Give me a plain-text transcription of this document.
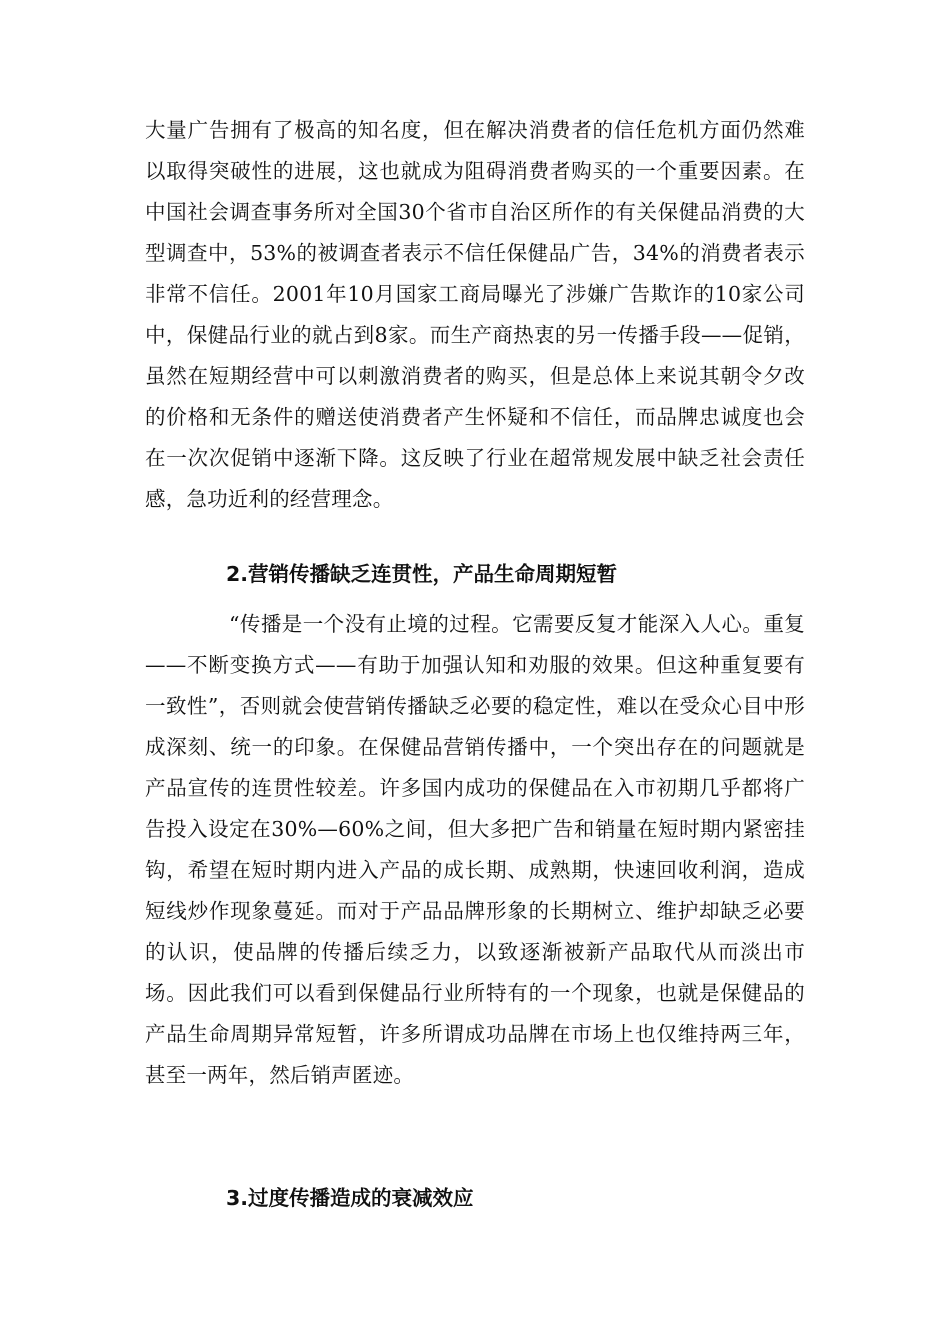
大量广告拥有了极高的知名度，但在解决消费者的信任危机方面仍然难以取得突破性的进展，这也就成为阻碍消费者购买的一个重要因素。在中国社会调查事务所对全国30个省市自治区所作的有关保健品消费的大型调查中，53%的被调查者表示不信任保健品广告，34%的消费者表示非常不信任。2001年10月国家工商局曝光了涉嫌广告欺诈的10家公司中，保健品行业的就占到8家。而生产商热衷的另一传播手段——促销，虽然在短期经营中可以刺激消费者的购买，但是总体上来说其朝令夕改的价格和无条件的赠送使消费者产生怀疑和不信任，而品牌忠诚度也会在一次次促销中逐渐下降。这反映了行业在超常规发展中缺乏社会责任感，急功近利的经营理念。
2.营销传播缺乏连贯性，产品生命周期短暂
“传播是一个没有止境的过程。它需要反复才能深入人心。重复——不断变换方式——有助于加强认知和劝服的效果。但这种重复要有一致性”，否则就会使营销传播缺乏必要的稳定性，难以在受众心目中形成深刻、统一的印象。在保健品营销传播中，一个突出存在的问题就是产品宣传的连贯性较差。许多国内成功的保健品在入市初期几乎都将广告投入设定在30%—60%之间，但大多把广告和销量在短时期内紧密挂钩，希望在短时期内进入产品的成长期、成熟期，快速回收利润，造成短线炒作现象蔓延。而对于产品品牌形象的长期树立、维护却缺乏必要的认识，使品牌的传播后续乏力，以致逐渐被新产品取代从而淡出市场。因此我们可以看到保健品行业所特有的一个现象，也就是保健品的产品生命周期异常短暂，许多所谓成功品牌在市场上也仅维持两三年，甚至一两年，然后销声匿迹。
3.过度传播造成的衰减效应
